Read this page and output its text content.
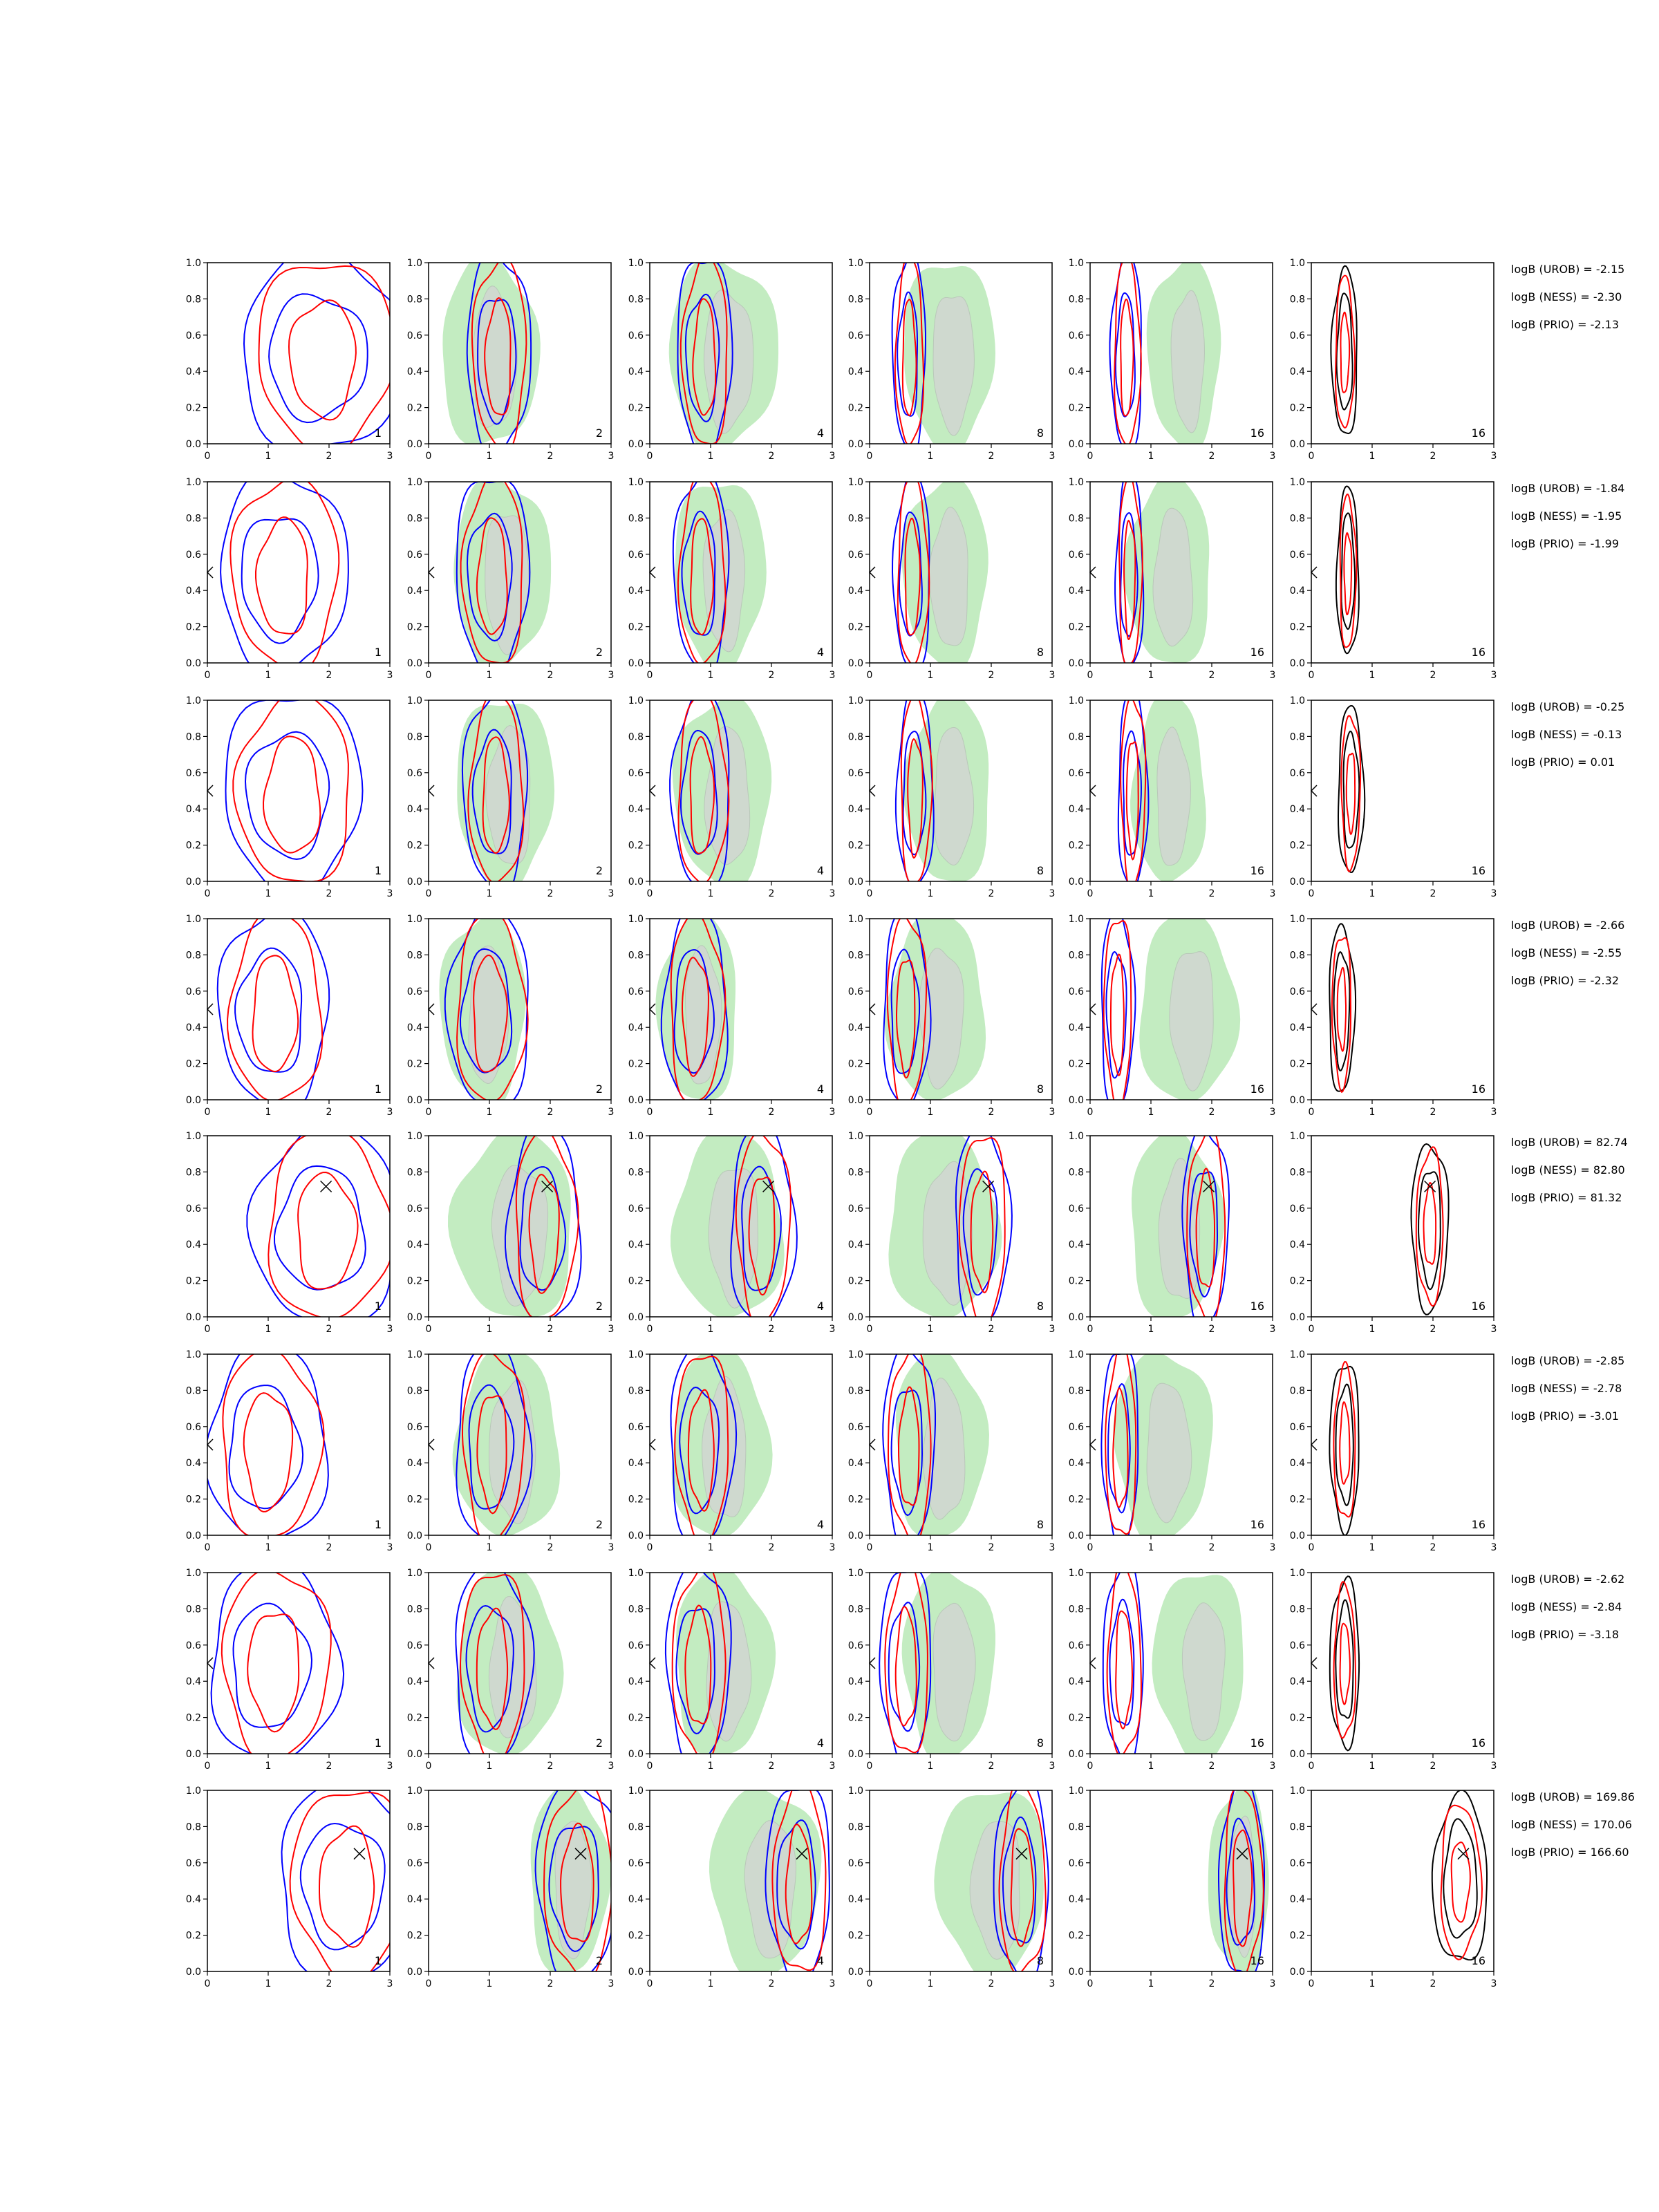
0	1	2	3
0.0
0.2
0.4
0.6
0.8
1.0
1
0	1	2	3
0.0
0.2
0.4
0.6
0.8
1.0
2
0	1	2	3
0.0
0.2
0.4
0.6
0.8
1.0
4
0	1	2	3
0.0
0.2
0.4
0.6
0.8
1.0
8
0	1	2	3
0.0
0.2
0.4
0.6
0.8
1.0
16
0	1	2	3
0.0
0.2
0.4
0.6
0.8
1.0
16
0	1	2	3
0.0
0.2
0.4
0.6
0.8
1.0
1
0	1	2	3
0.0
0.2
0.4
0.6
0.8
1.0
2
0	1	2	3
0.0
0.2
0.4
0.6
0.8
1.0
4
0	1	2	3
0.0
0.2
0.4
0.6
0.8
1.0
8
0	1	2	3
0.0
0.2
0.4
0.6
0.8
1.0
16
0	1	2	3
0.0
0.2
0.4
0.6
0.8
1.0
16
0	1	2	3
0.0
0.2
0.4
0.6
0.8
1.0
1
0	1	2	3
0.0
0.2
0.4
0.6
0.8
1.0
2
0	1	2	3
0.0
0.2
0.4
0.6
0.8
1.0
4
0	1	2	3
0.0
0.2
0.4
0.6
0.8
1.0
8
0	1	2	3
0.0
0.2
0.4
0.6
0.8
1.0
16
0	1	2	3
0.0
0.2
0.4
0.6
0.8
1.0
16
0	1	2	3
0.0
0.2
0.4
0.6
0.8
1.0
1
0	1	2	3
0.0
0.2
0.4
0.6
0.8
1.0
2
0	1	2	3
0.0
0.2
0.4
0.6
0.8
1.0
4
0	1	2	3
0.0
0.2
0.4
0.6
0.8
1.0
8
0	1	2	3
0.0
0.2
0.4
0.6
0.8
1.0
16
0	1	2	3
0.0
0.2
0.4
0.6
0.8
1.0
16
0	1	2	3
0.0
0.2
0.4
0.6
0.8
1.0
1
0	1	2	3
0.0
0.2
0.4
0.6
0.8
1.0
2
0	1	2	3
0.0
0.2
0.4
0.6
0.8
1.0
4
0	1	2	3
0.0
0.2
0.4
0.6
0.8
1.0
8
0	1	2	3
0.0
0.2
0.4
0.6
0.8
1.0
16
0	1	2	3
0.0
0.2
0.4
0.6
0.8
1.0
16
0	1	2	3
0.0
0.2
0.4
0.6
0.8
1.0
1
0	1	2	3
0.0
0.2
0.4
0.6
0.8
1.0
2
0	1	2	3
0.0
0.2
0.4
0.6
0.8
1.0
4
0	1	2	3
0.0
0.2
0.4
0.6
0.8
1.0
8
0	1	2	3
0.0
0.2
0.4
0.6
0.8
1.0
16
0	1	2	3
0.0
0.2
0.4
0.6
0.8
1.0
16
0	1	2	3
0.0
0.2
0.4
0.6
0.8
1.0
1
0	1	2	3
0.0
0.2
0.4
0.6
0.8
1.0
2
0	1	2	3
0.0
0.2
0.4
0.6
0.8
1.0
4
0	1	2	3
0.0
0.2
0.4
0.6
0.8
1.0
8
0	1	2	3
0.0
0.2
0.4
0.6
0.8
1.0
16
0	1	2	3
0.0
0.2
0.4
0.6
0.8
1.0
16
0	1	2	3
0.0
0.2
0.4
0.6
0.8
1.0
1
0	1	2	3
0.0
0.2
0.4
0.6
0.8
1.0
2
0	1	2	3
0.0
0.2
0.4
0.6
0.8
1.0
4
0	1	2	3
0.0
0.2
0.4
0.6
0.8
1.0
8
0	1	2	3
0.0
0.2
0.4
0.6
0.8
1.0
16
0	1	2	3
0.0
0.2
0.4
0.6
0.8
1.0
16
logB (UROB) = -2.15
logB (NESS) = -2.30
logB (PRIO) = -2.13
logB (UROB) = -1.84
logB (NESS) = -1.95
logB (PRIO) = -1.99
logB (UROB) = -0.25
logB (NESS) = -0.13
logB (PRIO) = 0.01
logB (UROB) = -2.66
logB (NESS) = -2.55
logB (PRIO) = -2.32
logB (UROB) = 82.74
logB (NESS) = 82.80
logB (PRIO) = 81.32
logB (UROB) = -2.85
logB (NESS) = -2.78
logB (PRIO) = -3.01
logB (UROB) = -2.62
logB (NESS) = -2.84
logB (PRIO) = -3.18
logB (UROB) = 169.86
logB (NESS) = 170.06
logB (PRIO) = 166.60
